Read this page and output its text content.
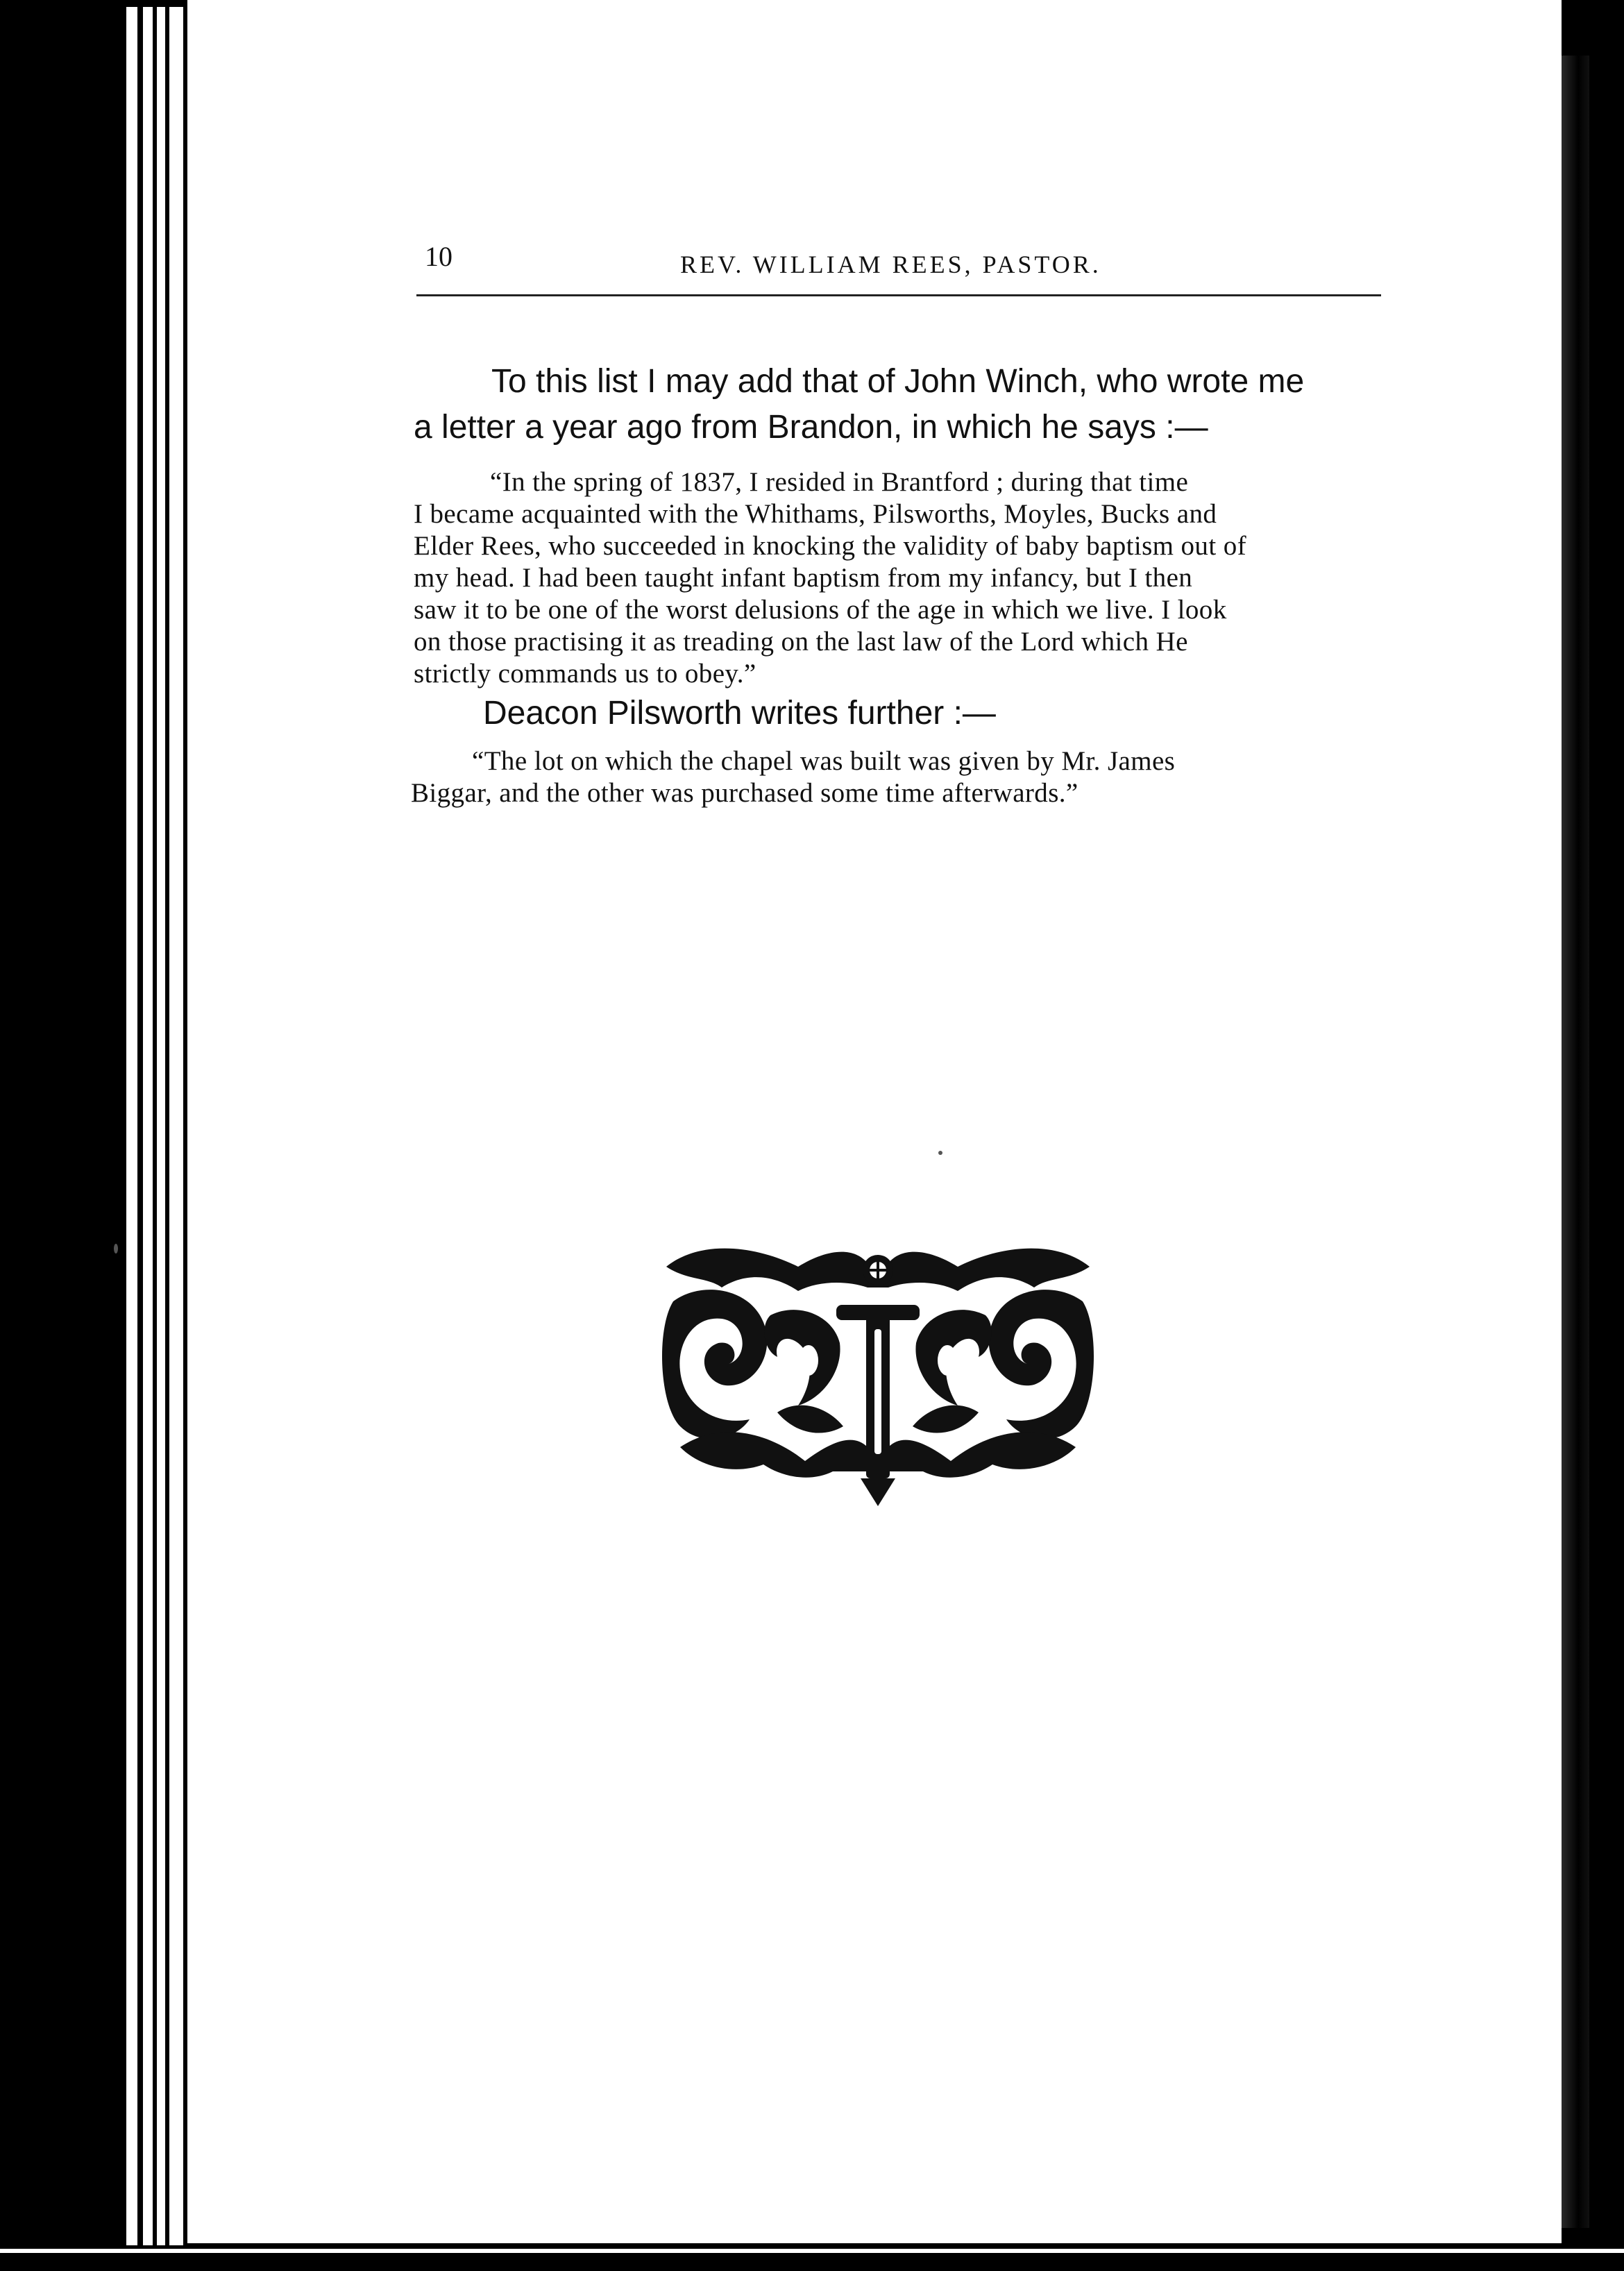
10	REV. WILLIAM REES, PASTOR.
To this list I may add that of John Winch, who wrote me
a letter a year ago from Brandon, in which he says :—
“In the spring of 1837, I resided in Brantford ; during that time
I became acquainted with the Whithams, Pilsworths, Moyles, Bucks and
Elder Rees, who succeeded in knocking the validity of baby baptism out of
my head. I had been taught infant baptism from my infancy, but I then
saw it to be one of the worst delusions of the age in which we live. I look
on those practising it as treading on the last law of the Lord which He
strictly commands us to obey.”
Deacon Pilsworth writes further :—
“The lot on which the chapel was built was given by Mr. James
Biggar, and the other was purchased some time afterwards.”
